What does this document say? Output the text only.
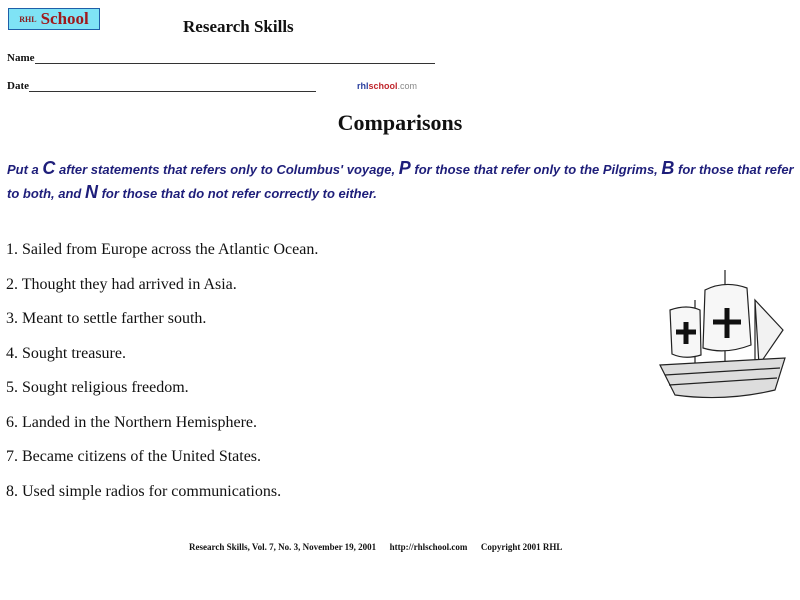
RHL School	Research Skills
Name
Date	rhlschool.com
Comparisons
Put a C after statements that refers only to Columbus' voyage, P for those that refer only to the Pilgrims, B for those that refer to both, and N for those that do not refer correctly to either.
1. Sailed from Europe across the Atlantic Ocean.
2. Thought they had arrived in Asia.
3. Meant to settle farther south.
4. Sought treasure.
5. Sought religious freedom.
6. Landed in the Northern Hemisphere.
7. Became citizens of the United States.
8. Used simple radios for communications.
Research Skills, Vol. 7, No. 3, November 19, 2001 http://rhlschool.com Copyright 2001 RHL
